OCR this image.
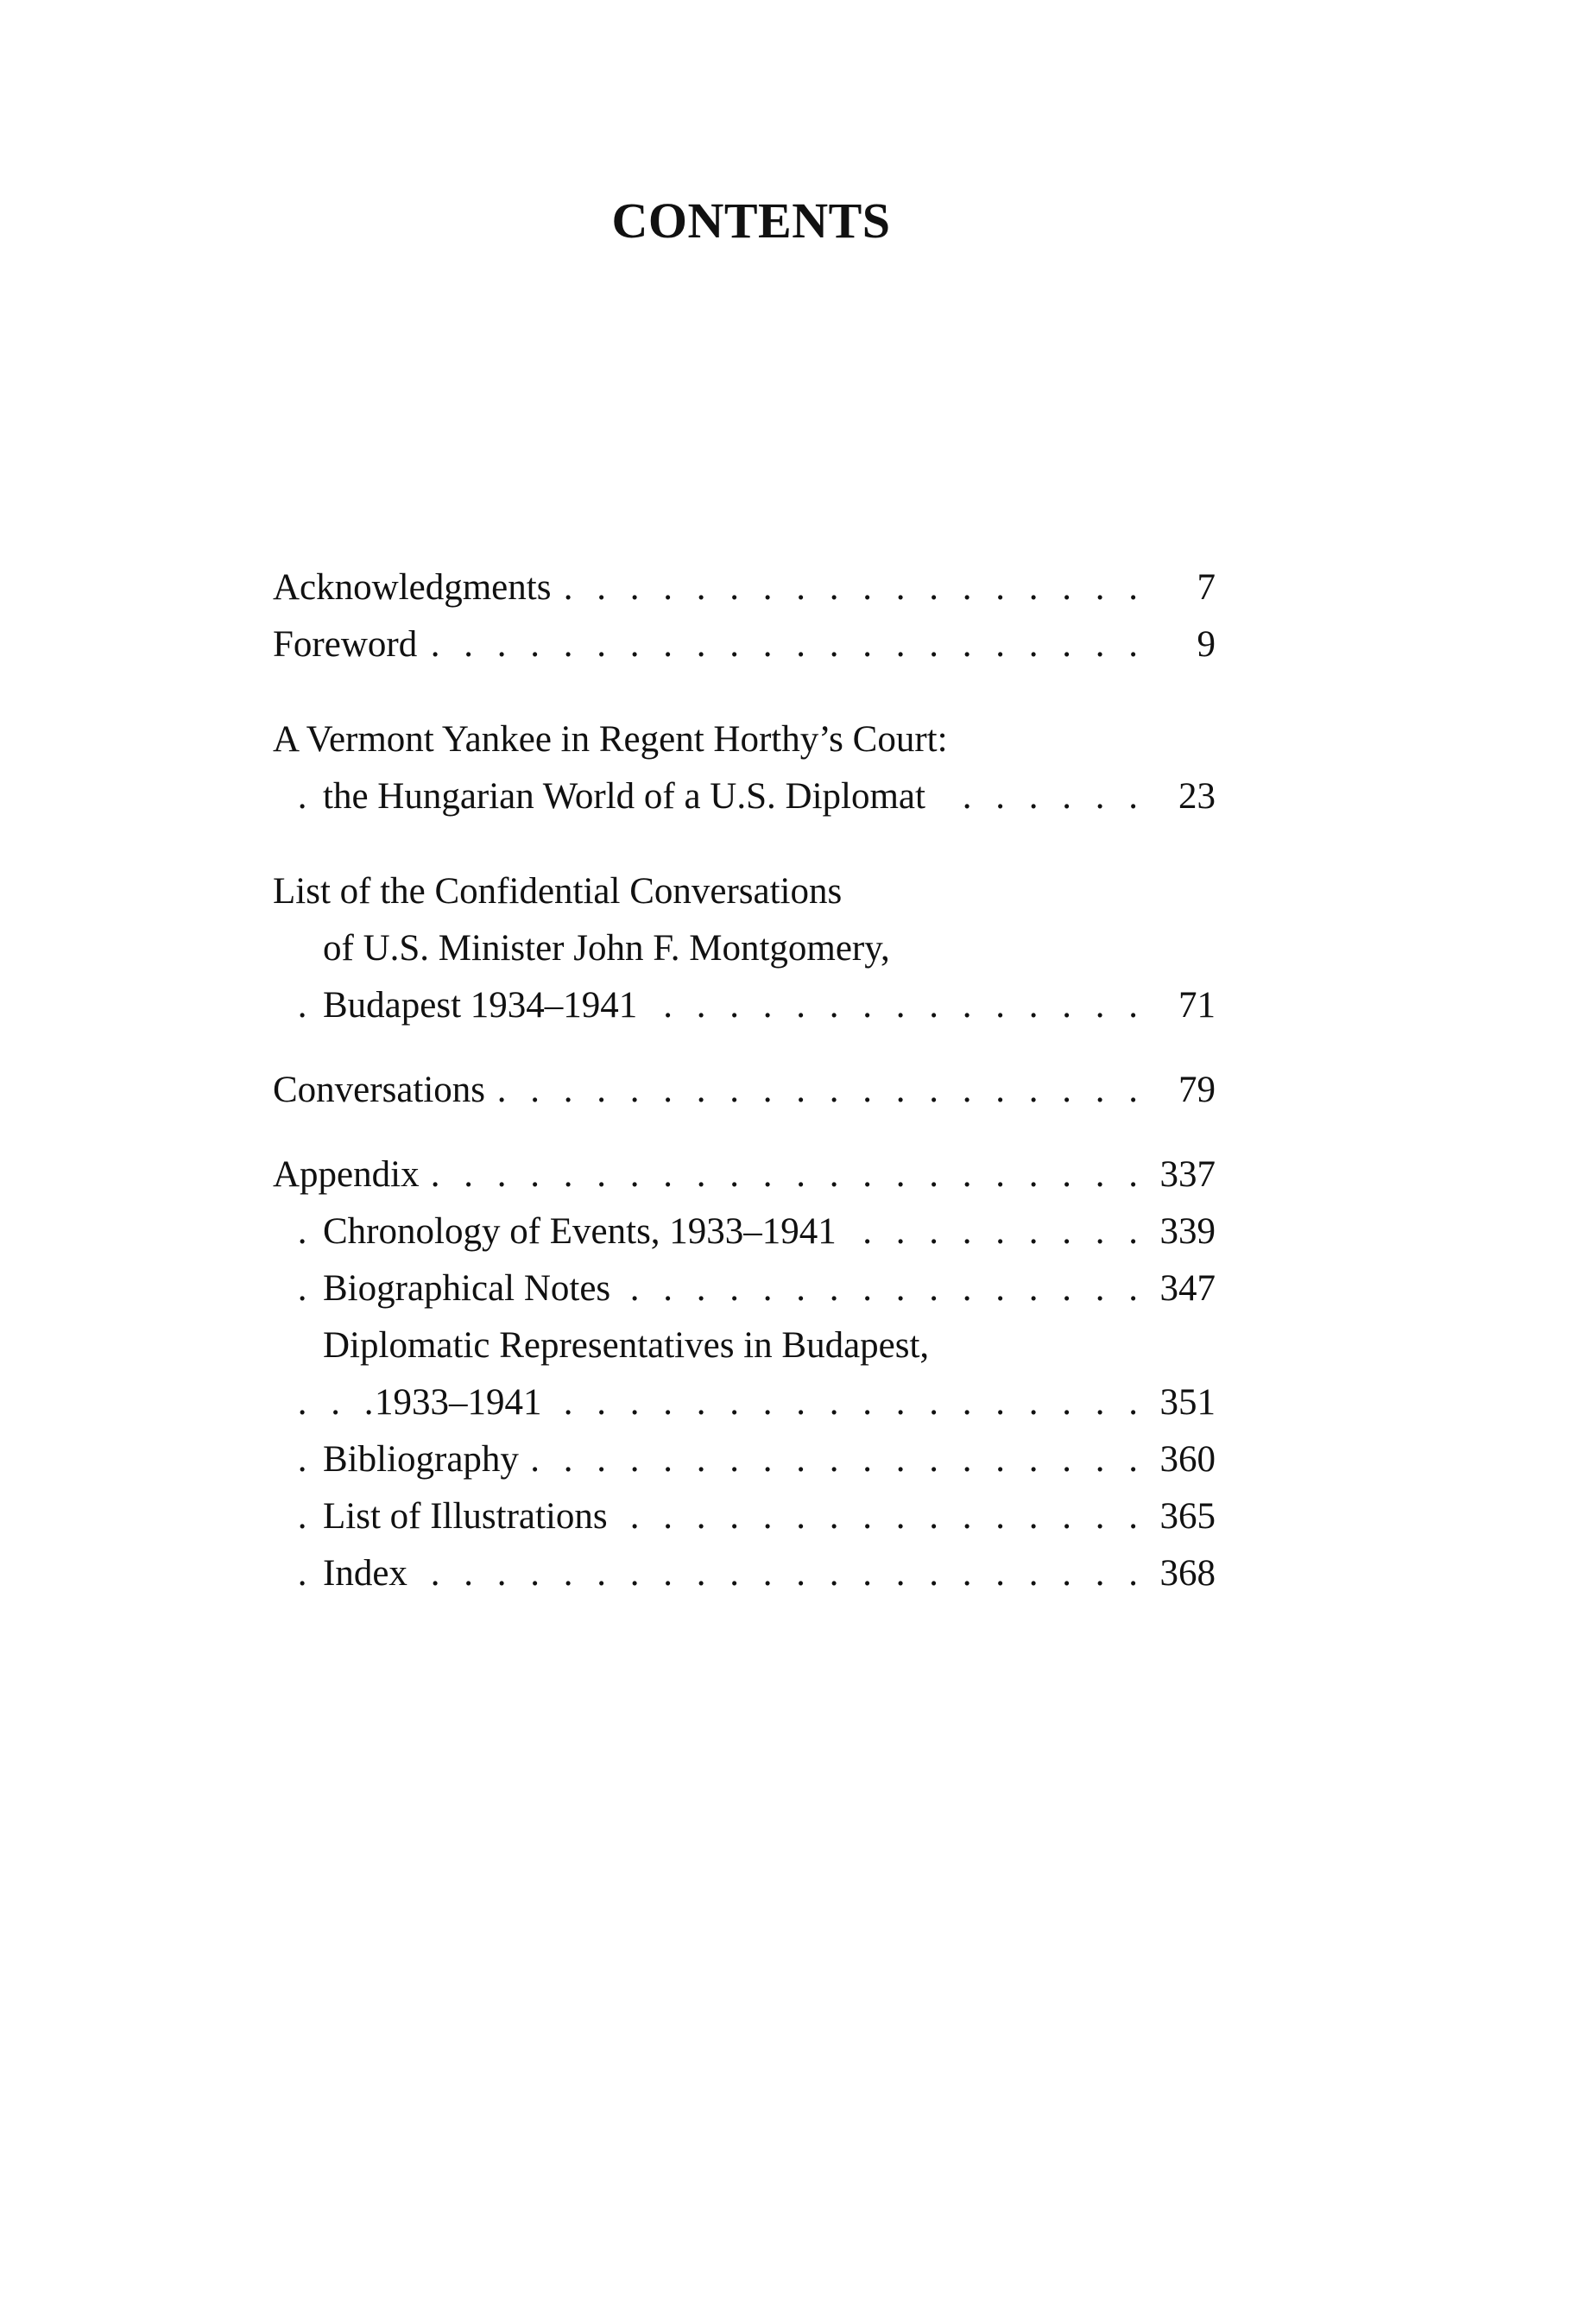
CONTENTS
Acknowledgments	7
Foreword	9
A Vermont Yankee in Regent Horthy’s Court:
the Hungarian World of a U.S. Diplomat	23
List of the Confidential Conversations
of U.S. Minister John F. Montgomery,
Budapest 1934–1941	71
Conversations	79
Appendix	337
Chronology of Events, 1933–1941	339
Biographical Notes	347
Diplomatic Representatives in Budapest,
1933–1941	351
Bibliography	360
List of Illustrations	365
Index	368
